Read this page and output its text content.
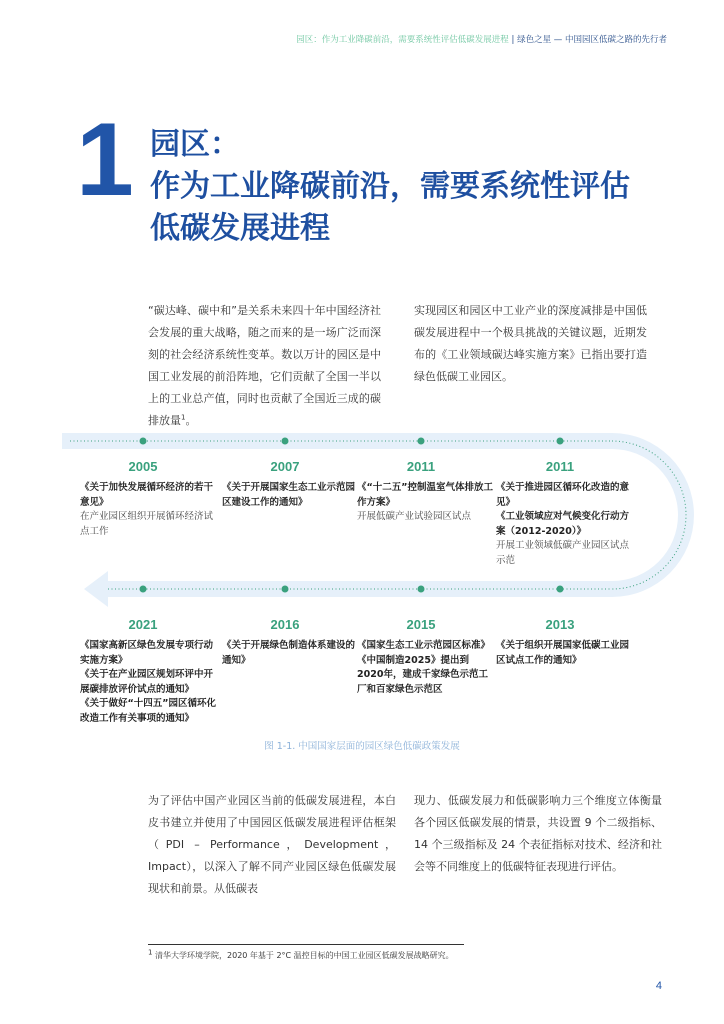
园区：作为工业降碳前沿，需要系统性评估低碳发展进程 | 绿色之星 — 中国园区低碳之路的先行者
1 园区：
作为工业降碳前沿，需要系统性评估
低碳发展进程
“碳达峰、碳中和”是关系未来四十年中国经济社会发展的重大战略，随之而来的是一场广泛而深刻的社会经济系统性变革。数以万计的园区是中国工业发展的前沿阵地，它们贡献了全国一半以上的工业总产值，同时也贡献了全国近三成的碳排放量$^1$。
实现园区和园区中工业产业的深度减排是中国低碳发展进程中一个极具挑战的关键议题，近期发布的《工业领域碳达峰实施方案》已指出要打造绿色低碳工业园区。
2005
《关于加快发展循环经济的若干意见》
在产业园区组织开展循环经济试点工作
2007
《关于开展国家生态工业示范园区建设工作的通知》
2011
《“十二五”控制温室气体排放工作方案》
开展低碳产业试验园区试点
2011
《关于推进园区循环化改造的意见》
《工业领域应对气候变化行动方案（2012-2020）》
开展工业领域低碳产业园区试点示范
2021
《国家高新区绿色发展专项行动实施方案》
《关于在产业园区规划环评中开展碳排放评价试点的通知》
《关于做好“十四五”园区循环化改造工作有关事项的通知》
2016
《关于开展绿色制造体系建设的通知》
2015
《国家生态工业示范园区标准》
《中国制造2025》提出到2020年，建成千家绿色示范工厂和百家绿色示范区
2013
《关于组织开展国家低碳工业园区试点工作的通知》
图 1-1. 中国国家层面的园区绿色低碳政策发展
为了评估中国产业园区当前的低碳发展进程，本白皮书建立并使用了中国园区低碳发展进程评估框架（PDI – Performance，Development，Impact），以深入了解不同产业园区绿色低碳发展现状和前景。从低碳表
现力、低碳发展力和低碳影响力三个维度立体衡量各个园区低碳发展的情景，共设置 9 个二级指标、14 个三级指标及 24 个表征指标对技术、经济和社会等不同维度上的低碳特征表现进行评估。
1 清华大学环境学院，2020 年基于 2°C 温控目标的中国工业园区低碳发展战略研究。
4
